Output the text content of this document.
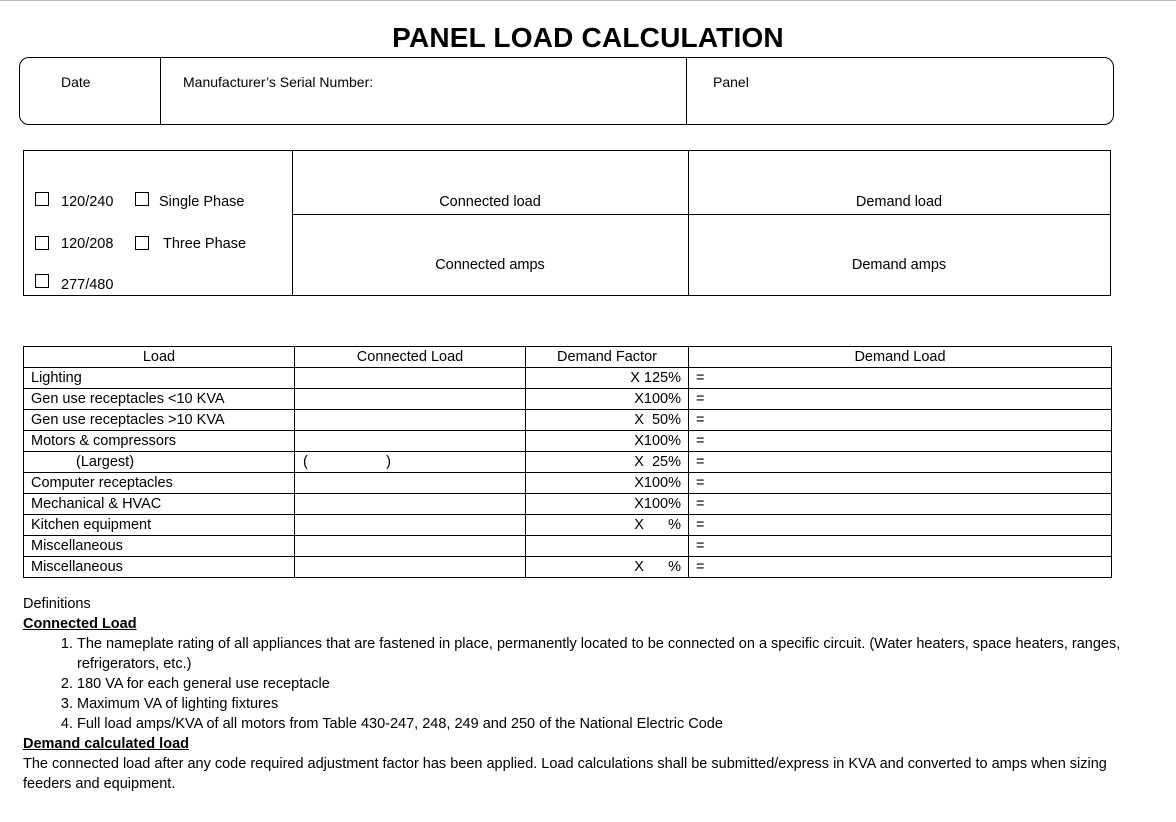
PANEL LOAD CALCULATION
Date	Manufacturer’s Serial Number:	Panel
120/240	Single Phase
120/208	Three Phase
277/480
Connected load	Demand load
Connected amps	Demand amps
Load	Connected Load	Demand Factor	Demand Load
Lighting		X 125%	=
Gen use receptacles <10 KVA		X100%	=
Gen use receptacles >10 KVA		X  50%	=
Motors & compressors		X100%	=
(Largest)	( )	X  25%	=
Computer receptacles		X100%	=
Mechanical & HVAC		X100%	=
Kitchen equipment		X      %	=
Miscellaneous			=
Miscellaneous		X      %	=

Definitions

Connected Load

1. The nameplate rating of all appliances that are fastened in place, permanently located to be connected on a specific circuit. (Water heaters, space heaters, ranges, refrigerators, etc.)
2. 180 VA for each general use receptacle
3. Maximum VA of lighting fixtures
4. Full load amps/KVA of all motors from Table 430-247, 248, 249 and 250 of the National Electric Code

Demand calculated load

The connected load after any code required adjustment factor has been applied. Load calculations shall be submitted/express in KVA and converted to amps when sizing feeders and equipment.
